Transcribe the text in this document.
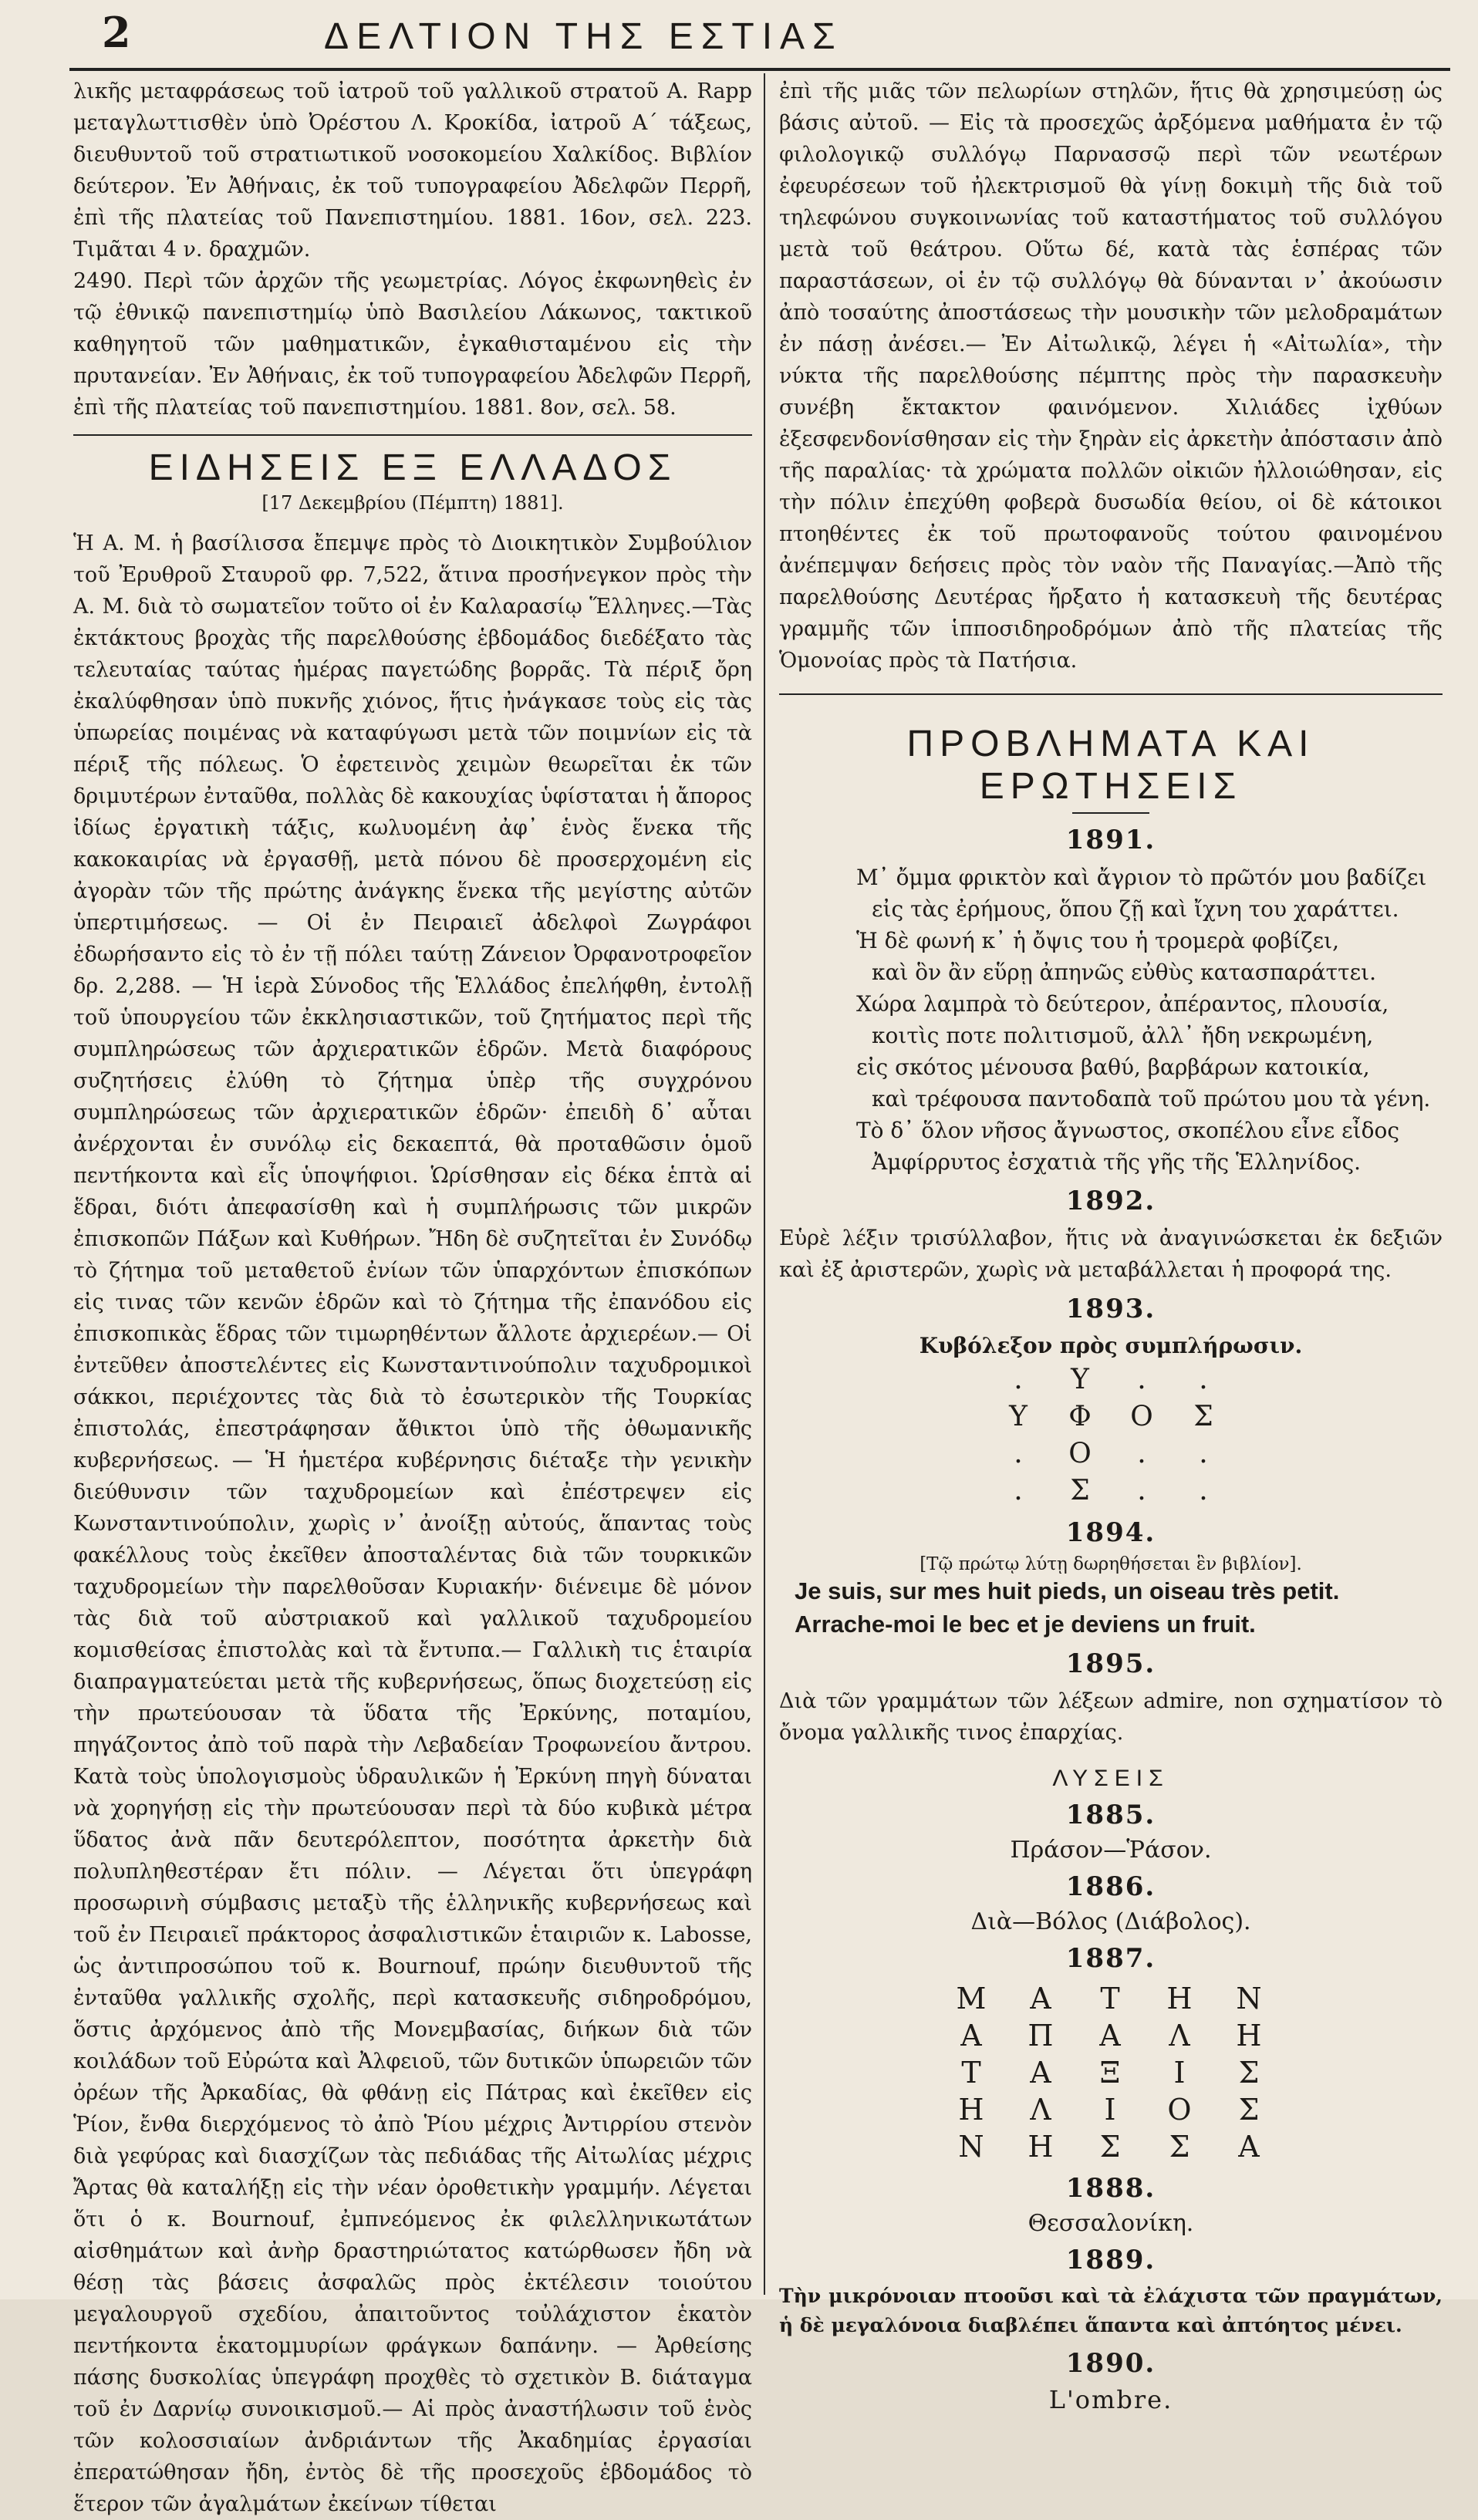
2	ΔΕΛΤΙΟΝ ΤΗΣ ΕΣΤΙΑΣ

λικῆς μεταφράσεως τοῦ ἰατροῦ τοῦ γαλλικοῦ στρατοῦ Α. Rapp μεταγλωττισθὲν ὑπὸ Ὀρέστου Λ. Κροκίδα, ἰατροῦ Α΄ τάξεως, διευθυντοῦ τοῦ στρατιωτικοῦ νοσοκομείου Χαλκίδος. Βιβλίον δεύτερον. Ἐν Ἀθήναις, ἐκ τοῦ τυπογραφείου Ἀδελφῶν Περρῆ, ἐπὶ τῆς πλατείας τοῦ Πανεπιστημίου. 1881. 16ον, σελ. 223. Τιμᾶται 4 ν. δραχμῶν.

2490. Περὶ τῶν ἀρχῶν τῆς γεωμετρίας. Λόγος ἐκφωνηθεὶς ἐν τῷ ἐθνικῷ πανεπιστημίῳ ὑπὸ Βασιλείου Λάκωνος, τακτικοῦ καθηγητοῦ τῶν μαθηματικῶν, ἐγκαθισταμένου εἰς τὴν πρυτανείαν. Ἐν Ἀθήναις, ἐκ τοῦ τυπογραφείου Ἀδελφῶν Περρῆ, ἐπὶ τῆς πλατείας τοῦ πανεπιστημίου. 1881. 8ον, σελ. 58.

ΕΙΔΗΣΕΙΣ ΕΞ ΕΛΛΑΔΟΣ
[17 Δεκεμβρίου (Πέμπτη) 1881].

Ἡ Α. Μ. ἡ βασίλισσα ἔπεμψε πρὸς τὸ Διοικητικὸν Συμβούλιον τοῦ Ἐρυθροῦ Σταυροῦ φρ. 7,522, ἅτινα προσήνεγκον πρὸς τὴν Α. Μ. διὰ τὸ σωματεῖον τοῦτο οἱ ἐν Καλαρασίῳ Ἕλληνες.—Τὰς ἐκτάκτους βροχὰς τῆς παρελθούσης ἑβδομάδος διεδέξατο τὰς τελευταίας ταύτας ἡμέρας παγετώδης βορρᾶς. Τὰ πέριξ ὄρη ἐκαλύφθησαν ὑπὸ πυκνῆς χιόνος, ἥτις ἠνάγκασε τοὺς εἰς τὰς ὑπωρείας ποιμένας νὰ καταφύγωσι μετὰ τῶν ποιμνίων εἰς τὰ πέριξ τῆς πόλεως. Ὁ ἐφετεινὸς χειμὼν θεωρεῖται ἐκ τῶν δριμυτέρων ἐνταῦθα, πολλὰς δὲ κακουχίας ὑφίσταται ἡ ἄπορος ἰδίως ἐργατικὴ τάξις, κωλυομένη ἀφ᾽ ἑνὸς ἕνεκα τῆς κακοκαιρίας νὰ ἐργασθῇ, μετὰ πόνου δὲ προσερχομένη εἰς ἀγορὰν τῶν τῆς πρώτης ἀνάγκης ἕνεκα τῆς μεγίστης αὐτῶν ὑπερτιμήσεως. — Οἱ ἐν Πειραιεῖ ἀδελφοὶ Ζωγράφοι ἐδωρήσαντο εἰς τὸ ἐν τῇ πόλει ταύτῃ Ζάνειον Ὀρφανοτροφεῖον δρ. 2,288. — Ἡ ἱερὰ Σύνοδος τῆς Ἑλλάδος ἐπελήφθη, ἐντολῇ τοῦ ὑπουργείου τῶν ἐκκλησιαστικῶν, τοῦ ζητήματος περὶ τῆς συμπληρώσεως τῶν ἀρχιερατικῶν ἑδρῶν. Μετὰ διαφόρους συζητήσεις ἐλύθη τὸ ζήτημα ὑπὲρ τῆς συγχρόνου συμπληρώσεως τῶν ἀρχιερατικῶν ἑδρῶν· ἐπειδὴ δ᾽ αὗται ἀνέρχονται ἐν συνόλῳ εἰς δεκαεπτά, θὰ προταθῶσιν ὁμοῦ πεντήκοντα καὶ εἷς ὑποψήφιοι. Ὡρίσθησαν εἰς δέκα ἑπτὰ αἱ ἕδραι, διότι ἀπεφασίσθη καὶ ἡ συμπλήρωσις τῶν μικρῶν ἐπισκοπῶν Πάξων καὶ Κυθήρων. Ἤδη δὲ συζητεῖται ἐν Συνόδῳ τὸ ζήτημα τοῦ μεταθετοῦ ἐνίων τῶν ὑπαρχόντων ἐπισκόπων εἰς τινας τῶν κενῶν ἑδρῶν καὶ τὸ ζήτημα τῆς ἐπανόδου εἰς ἐπισκοπικὰς ἕδρας τῶν τιμωρηθέντων ἄλλοτε ἀρχιερέων.— Οἱ ἐντεῦθεν ἀποστελέντες εἰς Κωνσταντινούπολιν ταχυδρομικοὶ σάκκοι, περιέχοντες τὰς διὰ τὸ ἐσωτερικὸν τῆς Τουρκίας ἐπιστολάς, ἐπεστράφησαν ἄθικτοι ὑπὸ τῆς ὀθωμανικῆς κυβερνήσεως. — Ἡ ἡμετέρα κυβέρνησις διέταξε τὴν γενικὴν διεύθυνσιν τῶν ταχυδρομείων καὶ ἐπέστρεψεν εἰς Κωνσταντινούπολιν, χωρὶς ν᾽ ἀνοίξῃ αὐτούς, ἅπαντας τοὺς φακέλλους τοὺς ἐκεῖθεν ἀποσταλέντας διὰ τῶν τουρκικῶν ταχυδρομείων τὴν παρελθοῦσαν Κυριακήν· διένειμε δὲ μόνον τὰς διὰ τοῦ αὐστριακοῦ καὶ γαλλικοῦ ταχυδρομείου κομισθείσας ἐπιστολὰς καὶ τὰ ἔντυπα.— Γαλλικὴ τις ἑταιρία διαπραγματεύεται μετὰ τῆς κυβερνήσεως, ὅπως διοχετεύσῃ εἰς τὴν πρωτεύουσαν τὰ ὕδατα τῆς Ἐρκύνης, ποταμίου, πηγάζοντος ἀπὸ τοῦ παρὰ τὴν Λεβαδείαν Τροφωνείου ἄντρου. Κατὰ τοὺς ὑπολογισμοὺς ὑδραυλικῶν ἡ Ἐρκύνη πηγὴ δύναται νὰ χορηγήσῃ εἰς τὴν πρωτεύουσαν περὶ τὰ δύο κυβικὰ μέτρα ὕδατος ἀνὰ πᾶν δευτερόλεπτον, ποσότητα ἀρκετὴν διὰ πολυπληθεστέραν ἔτι πόλιν. — Λέγεται ὅτι ὑπεγράφη προσωρινὴ σύμβασις μεταξὺ τῆς ἑλληνικῆς κυβερνήσεως καὶ τοῦ ἐν Πειραιεῖ πράκτορος ἀσφαλιστικῶν ἑταιριῶν κ. Labosse, ὡς ἀντιπροσώπου τοῦ κ. Bournouf, πρώην διευθυντοῦ τῆς ἐνταῦθα γαλλικῆς σχολῆς, περὶ κατασκευῆς σιδηροδρόμου, ὅστις ἀρχόμενος ἀπὸ τῆς Μονεμβασίας, διήκων διὰ τῶν κοιλάδων τοῦ Εὐρώτα καὶ Ἀλφειοῦ, τῶν δυτικῶν ὑπωρειῶν τῶν ὀρέων τῆς Ἀρκαδίας, θὰ φθάνῃ εἰς Πάτρας καὶ ἐκεῖθεν εἰς Ῥίον, ἔνθα διερχόμενος τὸ ἀπὸ Ῥίου μέχρις Ἀντιρρίου στενὸν διὰ γεφύρας καὶ διασχίζων τὰς πεδιάδας τῆς Αἰτωλίας μέχρις Ἄρτας θὰ καταλήξῃ εἰς τὴν νέαν ὀροθετικὴν γραμμήν. Λέγεται ὅτι ὁ κ. Bournouf, ἐμπνεόμενος ἐκ φιλελληνικωτάτων αἰσθημάτων καὶ ἀνὴρ δραστηριώτατος κατώρθωσεν ἤδη νὰ θέσῃ τὰς βάσεις ἀσφαλῶς πρὸς ἐκτέλεσιν τοιούτου μεγαλουργοῦ σχεδίου, ἀπαιτοῦντος τοὐλάχιστον ἑκατὸν πεντήκοντα ἑκατομμυρίων φράγκων δαπάνην. — Ἀρθείσης πάσης δυσκολίας ὑπεγράφη προχθὲς τὸ σχετικὸν Β. διάταγμα τοῦ ἐν Δαρνίῳ συνοικισμοῦ.— Αἱ πρὸς ἀναστήλωσιν τοῦ ἑνὸς τῶν κολοσσιαίων ἀνδριάντων τῆς Ἀκαδημίας ἐργασίαι ἐπερατώθησαν ἤδη, ἐντὸς δὲ τῆς προσεχοῦς ἑβδομάδος τὸ ἕτερον τῶν ἀγαλμάτων ἐκείνων τίθεται

ἐπὶ τῆς μιᾶς τῶν πελωρίων στηλῶν, ἥτις θὰ χρησιμεύσῃ ὡς βάσις αὐτοῦ. — Εἰς τὰ προσεχῶς ἀρξόμενα μαθήματα ἐν τῷ φιλολογικῷ συλλόγῳ Παρνασσῷ περὶ τῶν νεωτέρων ἐφευρέσεων τοῦ ἠλεκτρισμοῦ θὰ γίνῃ δοκιμὴ τῆς διὰ τοῦ τηλεφώνου συγκοινωνίας τοῦ καταστήματος τοῦ συλλόγου μετὰ τοῦ θεάτρου. Οὕτω δέ, κατὰ τὰς ἑσπέρας τῶν παραστάσεων, οἱ ἐν τῷ συλλόγῳ θὰ δύνανται ν᾽ ἀκούωσιν ἀπὸ τοσαύτης ἀποστάσεως τὴν μουσικὴν τῶν μελοδραμάτων ἐν πάσῃ ἀνέσει.— Ἐν Αἰτωλικῷ, λέγει ἡ «Αἰτωλία», τὴν νύκτα τῆς παρελθούσης πέμπτης πρὸς τὴν παρασκευὴν συνέβη ἔκτακτον φαινόμενον. Χιλιάδες ἰχθύων ἐξεσφενδονίσθησαν εἰς τὴν ξηρὰν εἰς ἀρκετὴν ἀπόστασιν ἀπὸ τῆς παραλίας· τὰ χρώματα πολλῶν οἰκιῶν ἠλλοιώθησαν, εἰς τὴν πόλιν ἐπεχύθη φοβερὰ δυσωδία θείου, οἱ δὲ κάτοικοι πτοηθέντες ἐκ τοῦ πρωτοφανοῦς τούτου φαινομένου ἀνέπεμψαν δεήσεις πρὸς τὸν ναὸν τῆς Παναγίας.—Ἀπὸ τῆς παρελθούσης Δευτέρας ἤρξατο ἡ κατασκευὴ τῆς δευτέρας γραμμῆς τῶν ἱπποσιδηροδρόμων ἀπὸ τῆς πλατείας τῆς Ὁμονοίας πρὸς τὰ Πατήσια.

ΠΡΟΒΛΗΜΑΤΑ ΚΑΙ ΕΡΩΤΗΣΕΙΣ
1891.
Μ᾽ ὄμμα φρικτὸν καὶ ἄγριον τὸ πρῶτόν μου βαδίζει
εἰς τὰς ἐρήμους, ὅπου ζῇ καὶ ἴχνη του χαράττει.
Ἡ δὲ φωνή κ᾽ ἡ ὄψις του ἡ τρομερὰ φοβίζει,
καὶ ὃν ἂν εὕρῃ ἀπηνῶς εὐθὺς κατασπαράττει.
Χώρα λαμπρὰ τὸ δεύτερον, ἀπέραντος, πλουσία,
κοιτὶς ποτε πολιτισμοῦ, ἀλλ᾽ ἤδη νεκρωμένη,
εἰς σκότος μένουσα βαθύ, βαρβάρων κατοικία,
καὶ τρέφουσα παντοδαπὰ τοῦ πρώτου μου τὰ γένη.
Τὸ δ᾽ ὅλον νῆσος ἄγνωστος, σκοπέλου εἶνε εἶδος
Ἀμφίρρυτος ἐσχατιὰ τῆς γῆς τῆς Ἑλληνίδος.
1892.

Εὑρὲ λέξιν τρισύλλαβον, ἥτις νὰ ἀναγινώσκεται ἐκ δεξιῶν καὶ ἐξ ἀριστερῶν, χωρὶς νὰ μεταβάλλεται ἡ προφορά της.

1893.
Κυβόλεξον πρὸς συμπλήρωσιν.
.	Υ	.	.
Υ	Φ	Ο	Σ
.	Ο	.	.
.	Σ	.	.
1894.
[Τῷ πρώτῳ λύτῃ δωρηθήσεται ἓν βιβλίον].
Je suis, sur mes huit pieds, un oiseau très petit.
Arrache-moi le bec et je deviens un fruit.
1895.

Διὰ τῶν γραμμάτων τῶν λέξεων admire, non σχηματίσον τὸ ὄνομα γαλλικῆς τινος ἐπαρχίας.

ΛΥΣΕΙΣ
1885.
Πράσον—Ῥάσον.
1886.
Διὰ—Βόλος (Διάβολος).
1887.
Μ	Α	Τ	Η	Ν
Α	Π	Α	Λ	Η
Τ	Α	Ξ	Ι	Σ
Η	Λ	Ι	Ο	Σ
Ν	Η	Σ	Σ	Α
1888.
Θεσσαλονίκη.
1889.

Τὴν μικρόνοιαν πτοοῦσι καὶ τὰ ἐλάχιστα τῶν πραγμάτων, ἡ δὲ μεγαλόνοια διαβλέπει ἅπαντα καὶ ἀπτόητος μένει.

1890.
L'ombre.
